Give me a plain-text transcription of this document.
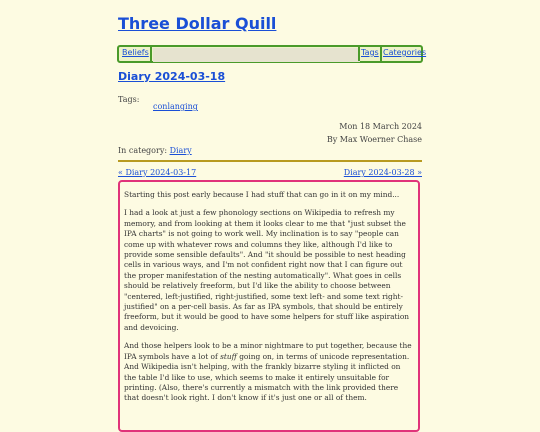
Three Dollar Quill
Beliefs	Tags Categories
Diary 2024-03-18
Tags:
conlanging
Mon 18 March 2024
By Max Woerner Chase
In category: Diary
« Diary 2024-03-17	Diary 2024-03-28 »

Starting this post early because I had stuff that can go in it on my mind...

I had a look at just a few phonology sections on Wikipedia to refresh my memory, and from looking at them it looks clear to me that "just subset the IPA charts" is not going to work well. My inclination is to say "people can come up with whatever rows and columns they like, although I'd like to provide some sensible defaults". And "it should be possible to nest heading cells in various ways, and I'm not confident right now that I can figure out the proper manifestation of the nesting automatically". What goes in cells should be relatively freeform, but I'd like the ability to choose between "centered, left-justified, right-justified, some text left- and some text right- justified" on a per-cell basis. As far as IPA symbols, that should be entirely freeform, but it would be good to have some helpers for stuff like aspiration and devoicing.

And those helpers look to be a minor nightmare to put together, because the IPA symbols have a lot of stuff going on, in terms of unicode representation. And Wikipedia isn't helping, with the frankly bizarre styling it inflicted on the table I'd like to use, which seems to make it entirely unsuitable for printing. (Also, there's currently a mismatch with the link provided there that doesn't look right. I don't know if it's just one or all of them.
